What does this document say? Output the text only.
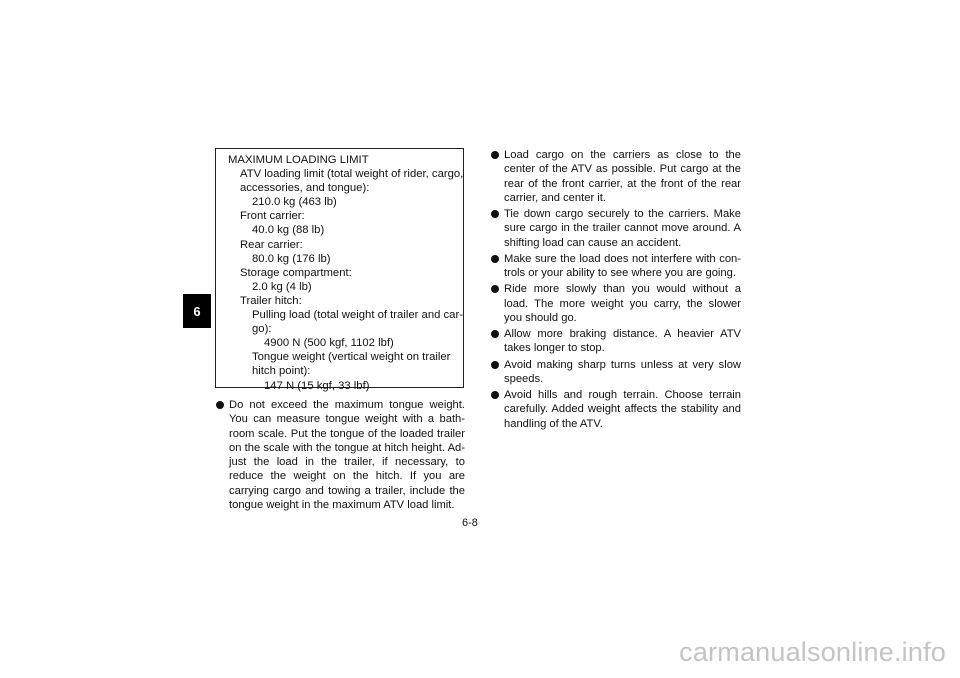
6
MAXIMUM LOADING LIMIT
ATV loading limit (total weight of rider, cargo,
accessories, and tongue):
210.0 kg (463 lb)
Front carrier:
40.0 kg (88 lb)
Rear carrier:
80.0 kg (176 lb)
Storage compartment:
2.0 kg (4 lb)
Trailer hitch:
Pulling load (total weight of trailer and car-
go):
4900 N (500 kgf, 1102 lbf)
Tongue weight (vertical weight on trailer
hitch point):
147 N (15 kgf, 33 lbf)
Do not exceed the maximum tongue weight. You can measure tongue weight with a bath-room scale. Put the tongue of the loaded trailer on the scale with the tongue at hitch height. Ad-just the load in the trailer, if necessary, to reduce the weight on the hitch. If you are carrying cargo and towing a trailer, include the tongue weight in the maximum ATV load limit.
Load cargo on the carriers as close to the center of the ATV as possible. Put cargo at the rear of the front carrier, at the front of the rear carrier, and center it.
Tie down cargo securely to the carriers. Make sure cargo in the trailer cannot move around. A shifting load can cause an accident.
Make sure the load does not interfere with con-trols or your ability to see where you are going.
Ride more slowly than you would without a load. The more weight you carry, the slower you should go.
Allow more braking distance. A heavier ATV takes longer to stop.
Avoid making sharp turns unless at very slow speeds.
Avoid hills and rough terrain. Choose terrain carefully. Added weight affects the stability and handling of the ATV.
6-8
carmanualsonline.info
